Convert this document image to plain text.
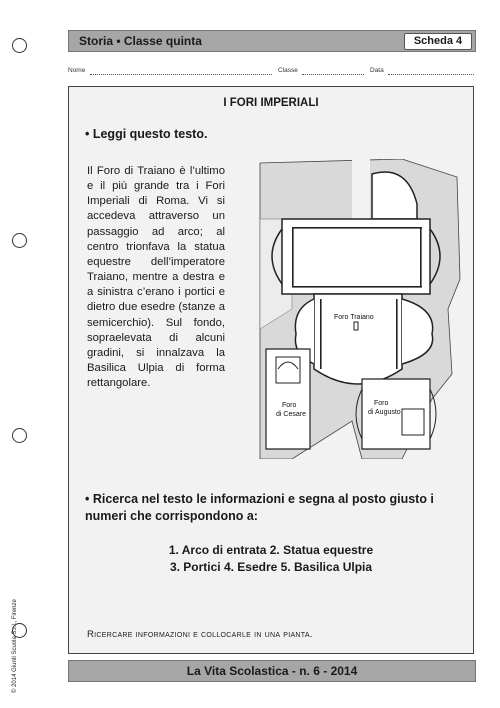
Storia • Classe quinta	Scheda 4
Nome	Classe	Data
I FORI IMPERIALI
• Leggi questo testo.
Il Foro di Traiano è l’ultimo e il più grande tra i Fori Imperiali di Roma. Vi si accedeva attraverso un passaggio ad arco; al centro trionfava la statua equestre dell’imperatore Traiano, mentre a destra e a sinistra c’erano i portici e dietro due esedre (stanze a semicerchio). Sul fondo, sopraelevata di alcuni gradini, si innalzava la Basilica Ulpia di forma rettangolare.
Foro Traiano
Foro
di Cesare
Foro
di Augusto
• Ricerca nel testo le informazioni e segna al posto giusto i numeri che corrispondono a:
1. Arco di entrata 2. Statua equestre
3. Portici 4. Esedre 5. Basilica Ulpia
Ricercare informazioni e collocarle in una pianta.
© 2014 Giunti Scuola S.r.l., Firenze	La Vita Scolastica - n. 6 - 2014
